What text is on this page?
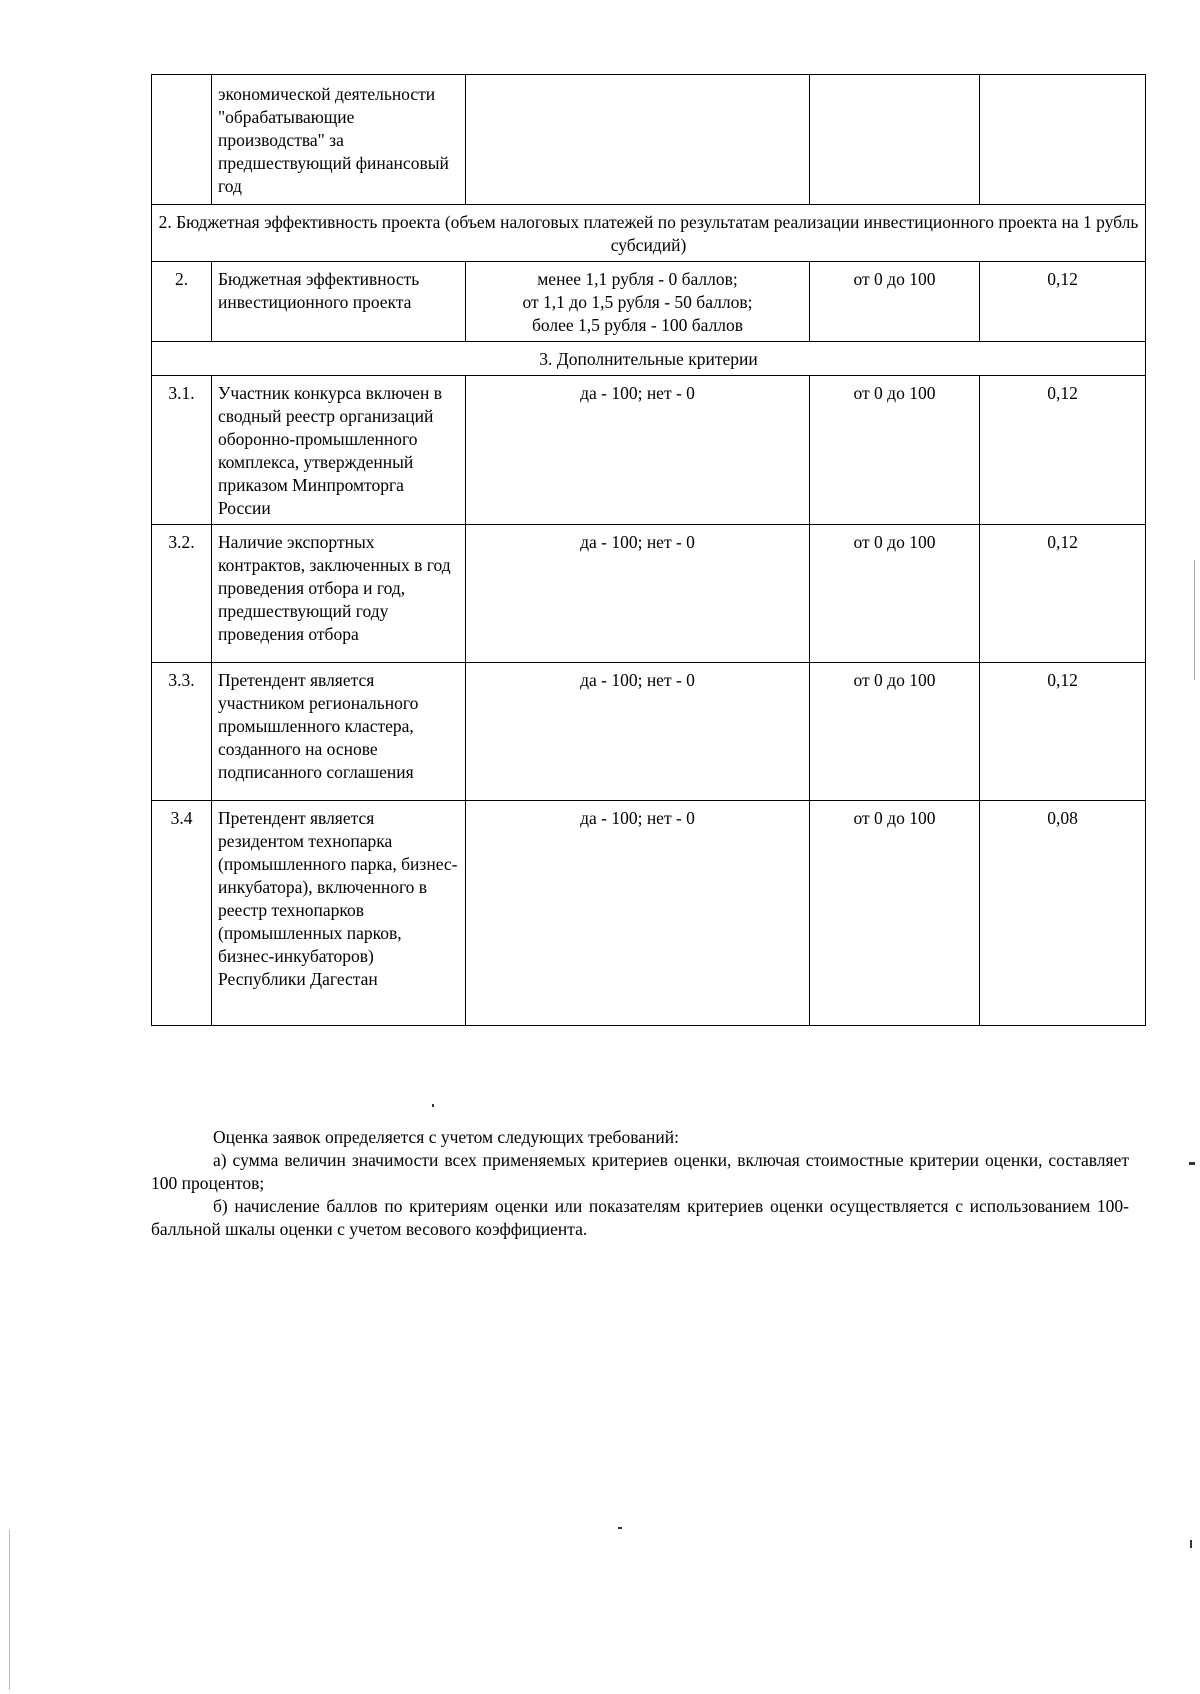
	экономической деятельности "обрабатывающие производства" за предшествующий финансовый год			
2. Бюджетная эффективность проекта (объем налоговых платежей по результатам реализации инвестиционного проекта на 1 рубль субсидий)				
2.	Бюджетная эффективность инвестиционного проекта	менее 1,1 рубля - 0 баллов;
от 1,1 до 1,5 рубля - 50 баллов;
более 1,5 рубля - 100 баллов	от 0 до 100	0,12
3. Дополнительные критерии				
3.1.	Участник конкурса включен в сводный реестр организаций оборонно-промышленного комплекса, утвержденный приказом Минпромторга России	да - 100; нет - 0	от 0 до 100	0,12
3.2.	Наличие экспортных контрактов, заключенных в год проведения отбора и год, предшествующий году проведения отбора	да - 100; нет - 0	от 0 до 100	0,12
3.3.	Претендент является участником регионального промышленного кластера, созданного на основе подписанного соглашения	да - 100; нет - 0	от 0 до 100	0,12
3.4	Претендент является резидентом технопарка (промышленного парка, бизнес-инкубатора), включенного в реестр технопарков (промышленных парков, бизнес-инкубаторов) Республики Дагестан	да - 100; нет - 0	от 0 до 100	0,08

Оценка заявок определяется с учетом следующих требований:

а) сумма величин значимости всех применяемых критериев оценки, включая стоимостные критерии оценки, составляет 100 процентов;

б) начисление баллов по критериям оценки или показателям критериев оценки осуществляется с использованием 100-балльной шкалы оценки с учетом весового коэффициента.
